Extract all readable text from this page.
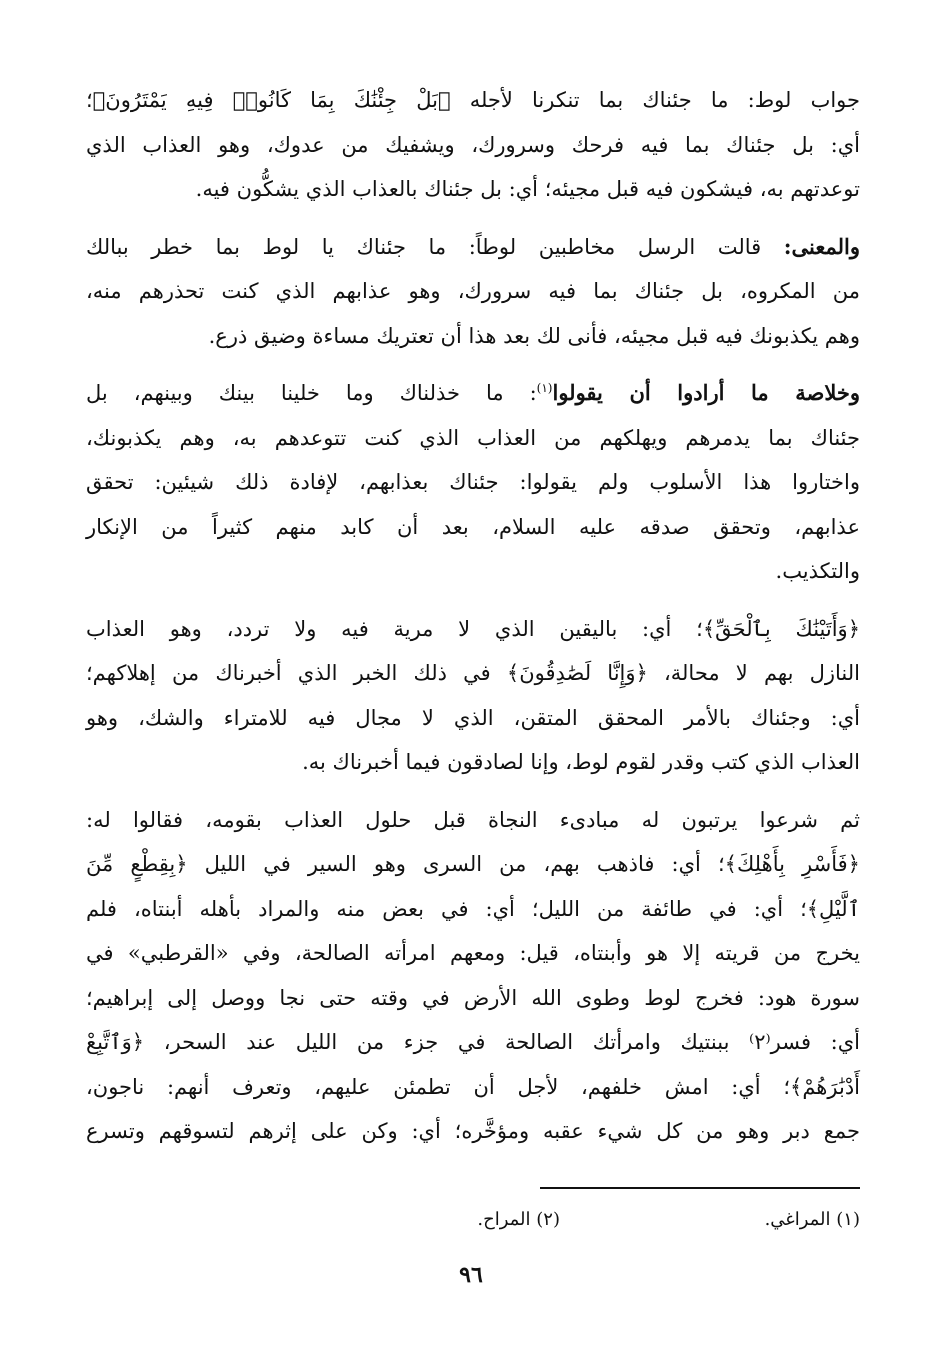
جواب لوط: ما جئناك بما تنكرنا لأجله ﴿بَلْ جِئْنَٰكَ بِمَا كَانُوا۟ فِيهِ يَمْتَرُونَ﴾؛
أي: بل جئناك بما فيه فرحك وسرورك، ويشفيك من عدوك، وهو العذاب الذي
توعدتهم به، فيشكون فيه قبل مجيئه؛ أي: بل جئناك بالعذاب الذي يشكُّون فيه.

والمعنى: قالت الرسل مخاطبين لوطاً: ما جئناك يا لوط بما خطر ببالك
من المكروه، بل جئناك بما فيه سرورك، وهو عذابهم الذي كنت تحذرهم منه،
وهم يكذبونك فيه قبل مجيئه، فأنى لك بعد هذا أن تعتريك مساءة وضيق ذرع.

وخلاصة ما أرادوا أن يقولوا$^{(١)}$: ما خذلناك وما خلينا بينك وبينهم، بل
جئناك بما يدمرهم ويهلكهم من العذاب الذي كنت تتوعدهم به، وهم يكذبونك،
واختاروا هذا الأسلوب ولم يقولوا: جئناك بعذابهم، لإفادة ذلك شيئين: تحقق
عذابهم، وتحقق صدقه عليه السلام، بعد أن كابد منهم كثيراً من الإنكار
والتكذيب.

﴿وَأَتَيْنَٰكَ بِٱلْحَقِّ﴾؛ أي: باليقين الذي لا مرية فيه ولا تردد، وهو العذاب
النازل بهم لا محالة، ﴿وَإِنَّا لَصَٰدِقُونَ﴾ في ذلك الخبر الذي أخبرناك من إهلاكهم؛
أي: وجئناك بالأمر المحقق المتقن، الذي لا مجال فيه للامتراء والشك، وهو
العذاب الذي كتب وقدر لقوم لوط، وإنا لصادقون فيما أخبرناك به.

ثم شرعوا يرتبون له مبادىء النجاة قبل حلول العذاب بقومه، فقالوا له:
﴿فَأَسْرِ بِأَهْلِكَ﴾؛ أي: فاذهب بهم، من السرى وهو السير في الليل ﴿بِقِطْعٍ مِّنَ
ٱلَّيْلِ﴾؛ أي: في طائفة من الليل؛ أي: في بعض منه والمراد بأهله أبنتاه، فلم
يخرج من قريته إلا هو وأبنتاه، قيل: ومعهم امرأته الصالحة، وفي «القرطبي» في
سورة هود: فخرج لوط وطوى الله الأرض في وقته حتى نجا ووصل إلى إبراهيم؛
أي: فسر⁽٢⁾ ببنتيك وامرأتك الصالحة في جزء من الليل عند السحر، ﴿وَٱتَّبِعْ
أَدْبَٰرَهُمْ﴾؛ أي: امش خلفهم، لأجل أن تطمئن عليهم، وتعرف أنهم: ناجون،
جمع دبر وهو من كل شيء عقبه ومؤخَّره؛ أي: وكن على إثرهم لتسوقهم وتسرع

(١) المراغي.
(٢) المراح.
٩٦
